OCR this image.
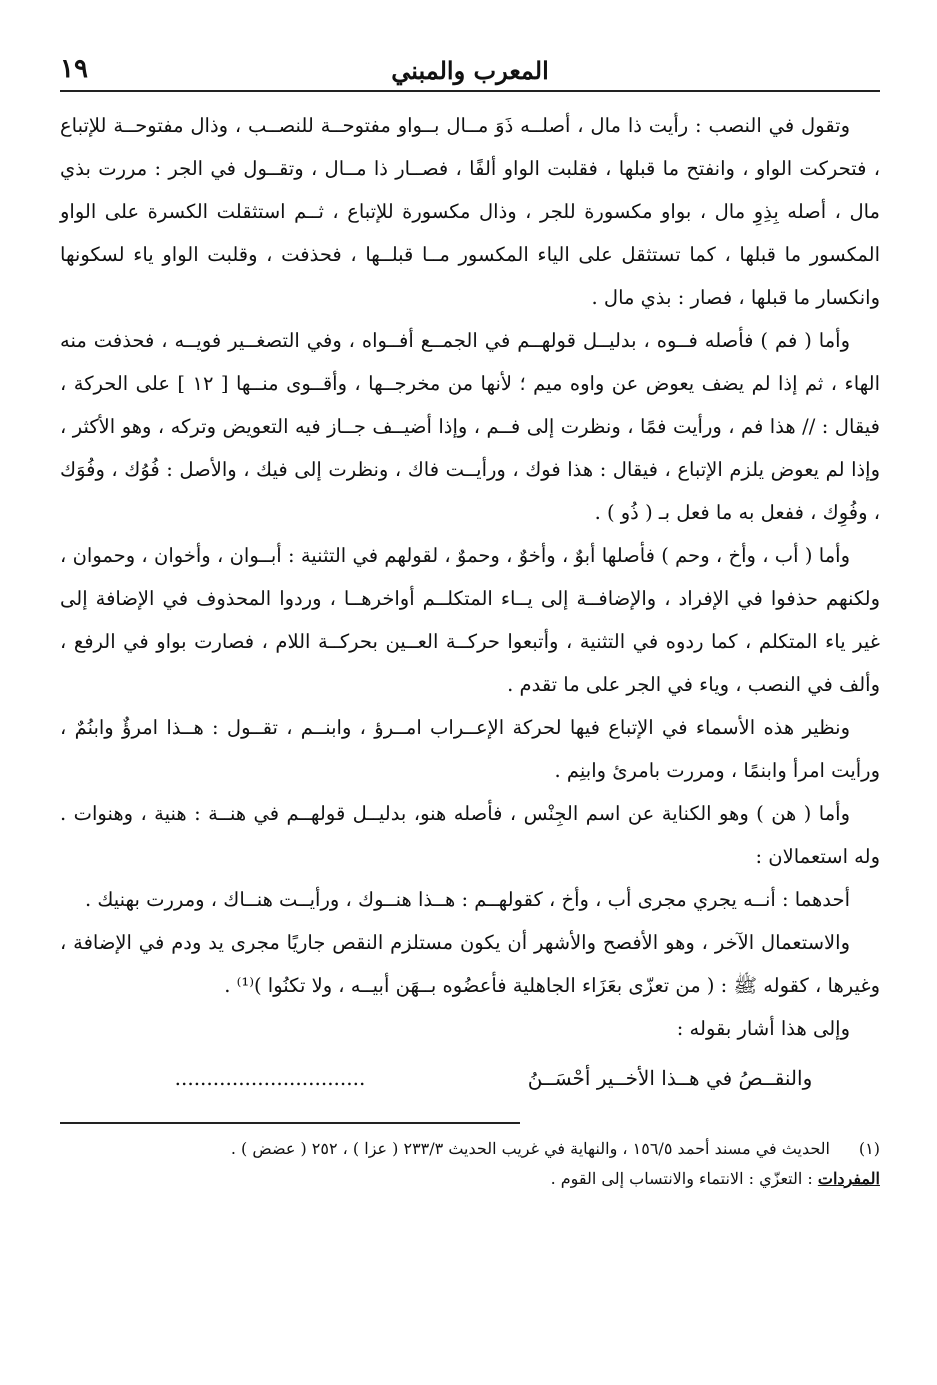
المعرب والمبني
١٩

وتقول في النصب : رأيت ذا مال ، أصلــه ذَوَ مــال بــواو مفتوحــة للنصــب ، وذال مفتوحــة للإتباع ، فتحركت الواو ، وانفتح ما قبلها ، فقلبت الواو ألفًا ، فصــار ذا مــال ، وتقــول في الجر : مررت بذي مال ، أصله بِذِوِ مال ، بواو مكسورة للجر ، وذال مكسورة للإتباع ، ثــم استثقلت الكسرة على الواو المكسور ما قبلها ، كما تستثقل على الياء المكسور مــا قبلــها ، فحذفت ، وقلبت الواو ياء لسكونها وانكسار ما قبلها ، فصار : بذي مال .

وأما ( فم ) فأصله فــوه ، بدليــل قولهــم في الجمــع أفــواه ، وفي التصغــير فويــه ، فحذفت منه الهاء ، ثم إذا لم يضف يعوض عن واوه ميم ؛ لأنها من مخرجــها ، وأقــوى منــها [ ١٢ ] على الحركة ، فيقال : // هذا فم ، ورأيت فمًا ، ونظرت إلى فــم ، وإذا أضيــف جــاز فيه التعويض وتركه ، وهو الأكثر ، وإذا لم يعوض يلزم الإتباع ، فيقال : هذا فوك ، ورأيــت فاك ، ونظرت إلى فيك ، والأصل : فُوُك ، وفُوَك ، وفُوِك ، ففعل به ما فعل بـ ( ذُو ) .

وأما ( أب ، وأخ ، وحم ) فأصلها أبوٌ ، وأخوٌ ، وحموٌ ، لقولهم في التثنية : أبــوان ، وأخوان ، وحموان ، ولكنهم حذفوا في الإفراد ، والإضافــة إلى يــاء المتكلــم أواخرهــا ، وردوا المحذوف في الإضافة إلى غير ياء المتكلم ، كما ردوه في التثنية ، وأتبعوا حركــة العــين بحركــة اللام ، فصارت بواو في الرفع ، وألف في النصب ، وياء في الجر على ما تقدم .

ونظير هذه الأسماء في الإتباع فيها لحركة الإعــراب امــرؤ ، وابنــم ، تقــول : هــذا امرؤٌ وابنُمٌ ، ورأيت امرأ وابنمًا ، ومررت بامرئ وابنِم .

وأما ( هن ) وهو الكناية عن اسم الجِنْس ، فأصله هنو، بدليــل قولهــم في هنــة : هنية ، وهنوات . وله استعمالان :

أحدهما : أنــه يجري مجرى أب ، وأخ ، كقولهــم : هــذا هنــوك ، ورأيــت هنــاك ، ومررت بهنيك .

والاستعمال الآخر ، وهو الأفصح والأشهر أن يكون مستلزم النقص جاريًا مجرى يد ودم في الإضافة ، وغيرها ، كقوله ﷺ : ( من تعزّى بعَزَاء الجاهلية فأعضُوه بــهَن أبيــه ، ولا تكنُوا )⁽¹⁾ .

وإلى هذا أشار بقوله :

..............................	والنقــصُ في هــذا الأخــير أحْسَــنُ
(١)الحديث في مسند أحمد ١٥٦/٥ ، والنهاية في غريب الحديث ٢٣٣/٣ ( عزا ) ، ٢٥٢ ( عضض ) .
المفردات : التعزّي : الانتماء والانتساب إلى القوم .
